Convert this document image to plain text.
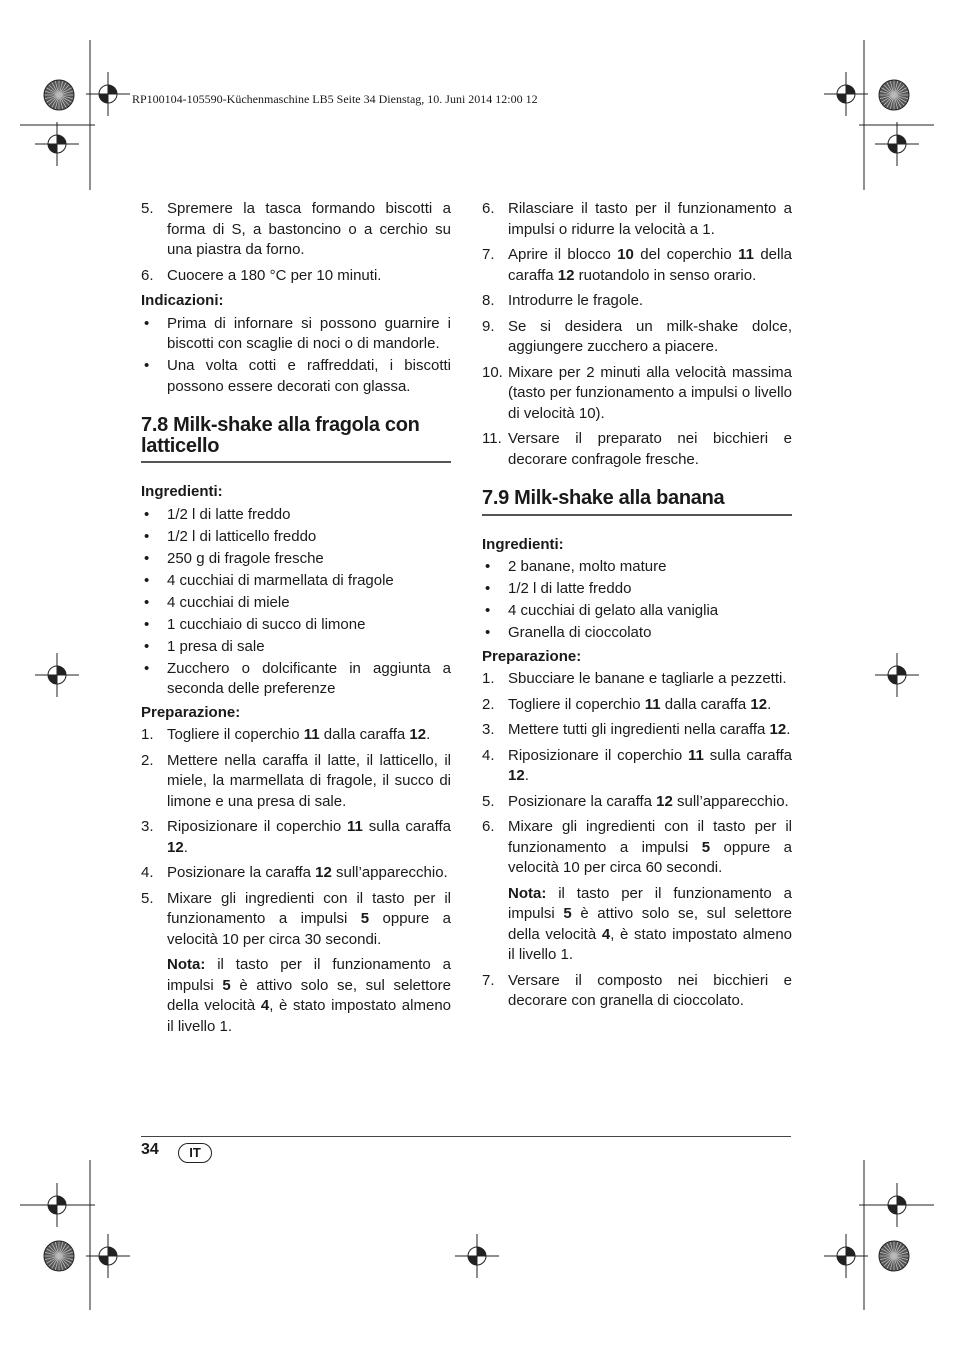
RP100104-105590-Küchenmaschine LB5 Seite 34 Dienstag, 10. Juni 2014 12:00 12
5. Spremere la tasca formando biscotti a forma di S, a bastoncino o a cerchio su una piastra da forno.
6. Cuocere a 180 °C per 10 minuti.
Indicazioni:
• Prima di infornare si possono guarnire i biscotti con scaglie di noci o di mandorle.
• Una volta cotti e raffreddati, i biscotti possono essere decorati con glassa.
7.8 Milk-shake alla fragola con latticello
Ingredienti:
• 1/2 l di latte freddo
• 1/2 l di latticello freddo
• 250 g di fragole fresche
• 4 cucchiai di marmellata di fragole
• 4 cucchiai di miele
• 1 cucchiaio di succo di limone
• 1 presa di sale
• Zucchero o dolcificante in aggiunta a seconda delle preferenze
Preparazione:
1. Togliere il coperchio 11 dalla caraffa 12.
2. Mettere nella caraffa il latte, il latticello, il miele, la marmellata di fragole, il succo di limone e una presa di sale.
3. Riposizionare il coperchio 11 sulla caraffa 12.
4. Posizionare la caraffa 12 sull’apparecchio.
5. Mixare gli ingredienti con il tasto per il funzionamento a impulsi 5 oppure a velocità 10 per circa 30 secondi.
Nota: il tasto per il funzionamento a impulsi 5 è attivo solo se, sul selettore della velocità 4, è stato impostato almeno il livello 1.
6. Rilasciare il tasto per il funzionamento a impulsi o ridurre la velocità a 1.
7. Aprire il blocco 10 del coperchio 11 della caraffa 12 ruotandolo in senso orario.
8. Introdurre le fragole.
9. Se si desidera un milk-shake dolce, aggiungere zucchero a piacere.
10. Mixare per 2 minuti alla velocità massima (tasto per funzionamento a impulsi o livello di velocità 10).
11. Versare il preparato nei bicchieri e decorare confragole fresche.
7.9 Milk-shake alla banana
Ingredienti:
• 2 banane, molto mature
• 1/2 l di latte freddo
• 4 cucchiai di gelato alla vaniglia
• Granella di cioccolato
Preparazione:
1. Sbucciare le banane e tagliarle a pezzetti.
2. Togliere il coperchio 11 dalla caraffa 12.
3. Mettere tutti gli ingredienti nella caraffa 12.
4. Riposizionare il coperchio 11 sulla caraffa 12.
5. Posizionare la caraffa 12 sull’apparecchio.
6. Mixare gli ingredienti con il tasto per il funzionamento a impulsi 5 oppure a velocità 10 per circa 60 secondi.
Nota: il tasto per il funzionamento a impulsi 5 è attivo solo se, sul selettore della velocità 4, è stato impostato almeno il livello 1.
7. Versare il composto nei bicchieri e decorare con granella di cioccolato.
34	IT
